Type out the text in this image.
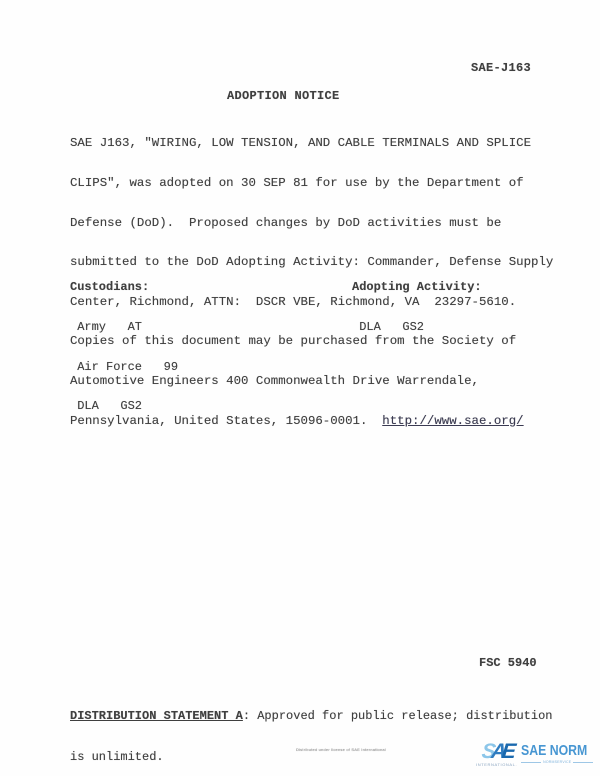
SAE-J163
ADOPTION NOTICE

SAE J163, "WIRING, LOW TENSION, AND CABLE TERMINALS AND SPLICE

CLIPS", was adopted on 30 SEP 81 for use by the Department of

Defense (DoD).  Proposed changes by DoD activities must be

submitted to the DoD Adopting Activity: Commander, Defense Supply

Center, Richmond, ATTN:  DSCR VBE, Richmond, VA  23297-5610.

Copies of this document may be purchased from the Society of

Automotive Engineers 400 Commonwealth Drive Warrendale,

Pennsylvania, United States, 15096-0001.  http://www.sae.org/

Custodians:

Army   AT

Air Force   99

DLA   GS2

Adopting Activity:

DLA   GS2

FSC 5940

DISTRIBUTION STATEMENT A: Approved for public release; distribution

is unlimited.

	Distributed under license of SAE International	SAE
INTERNATIONAL.
SAE NORM
NORMSERVICE
